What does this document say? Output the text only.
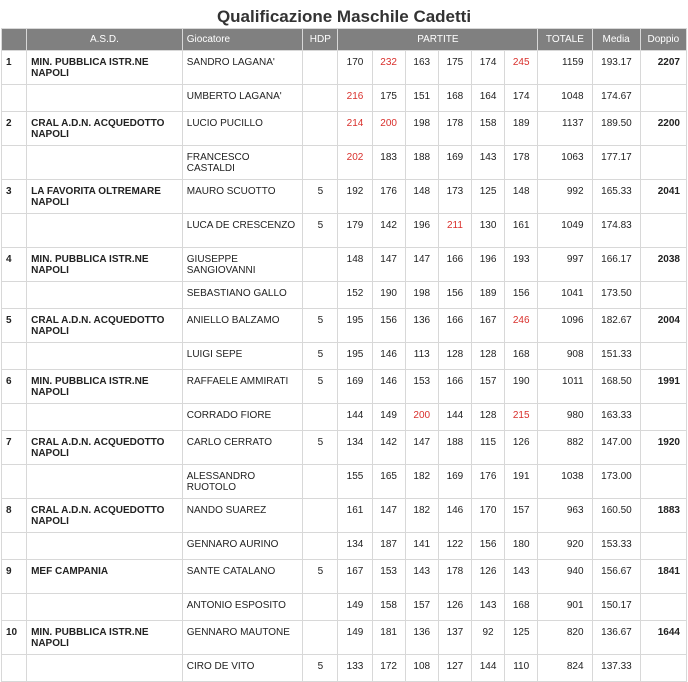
Qualificazione Maschile Cadetti
	A.S.D.	Giocatore	HDP	PARTITE						TOTALE	Media	Doppio
1	MIN. PUBBLICA ISTR.NE NAPOLI	SANDRO LAGANA'		170	232	163	175	174	245	1159	193.17	2207
		UMBERTO LAGANA'		216	175	151	168	164	174	1048	174.67	
2	CRAL A.D.N. ACQUEDOTTO NAPOLI	LUCIO PUCILLO		214	200	198	178	158	189	1137	189.50	2200
		FRANCESCO CASTALDI		202	183	188	169	143	178	1063	177.17	
3	LA FAVORITA OLTREMARE NAPOLI	MAURO SCUOTTO	5	192	176	148	173	125	148	992	165.33	2041
		LUCA DE CRESCENZO	5	179	142	196	211	130	161	1049	174.83	
4	MIN. PUBBLICA ISTR.NE NAPOLI	GIUSEPPE SANGIOVANNI		148	147	147	166	196	193	997	166.17	2038
		SEBASTIANO GALLO		152	190	198	156	189	156	1041	173.50	
5	CRAL A.D.N. ACQUEDOTTO NAPOLI	ANIELLO BALZAMO	5	195	156	136	166	167	246	1096	182.67	2004
		LUIGI SEPE	5	195	146	113	128	128	168	908	151.33	
6	MIN. PUBBLICA ISTR.NE NAPOLI	RAFFAELE AMMIRATI	5	169	146	153	166	157	190	1011	168.50	1991
		CORRADO FIORE		144	149	200	144	128	215	980	163.33	
7	CRAL A.D.N. ACQUEDOTTO NAPOLI	CARLO CERRATO	5	134	142	147	188	115	126	882	147.00	1920
		ALESSANDRO RUOTOLO		155	165	182	169	176	191	1038	173.00	
8	CRAL A.D.N. ACQUEDOTTO NAPOLI	NANDO SUAREZ		161	147	182	146	170	157	963	160.50	1883
		GENNARO AURINO		134	187	141	122	156	180	920	153.33	
9	MEF CAMPANIA	SANTE CATALANO	5	167	153	143	178	126	143	940	156.67	1841
		ANTONIO ESPOSITO		149	158	157	126	143	168	901	150.17	
10	MIN. PUBBLICA ISTR.NE NAPOLI	GENNARO MAUTONE		149	181	136	137	92	125	820	136.67	1644
		CIRO DE VITO	5	133	172	108	127	144	110	824	137.33	
